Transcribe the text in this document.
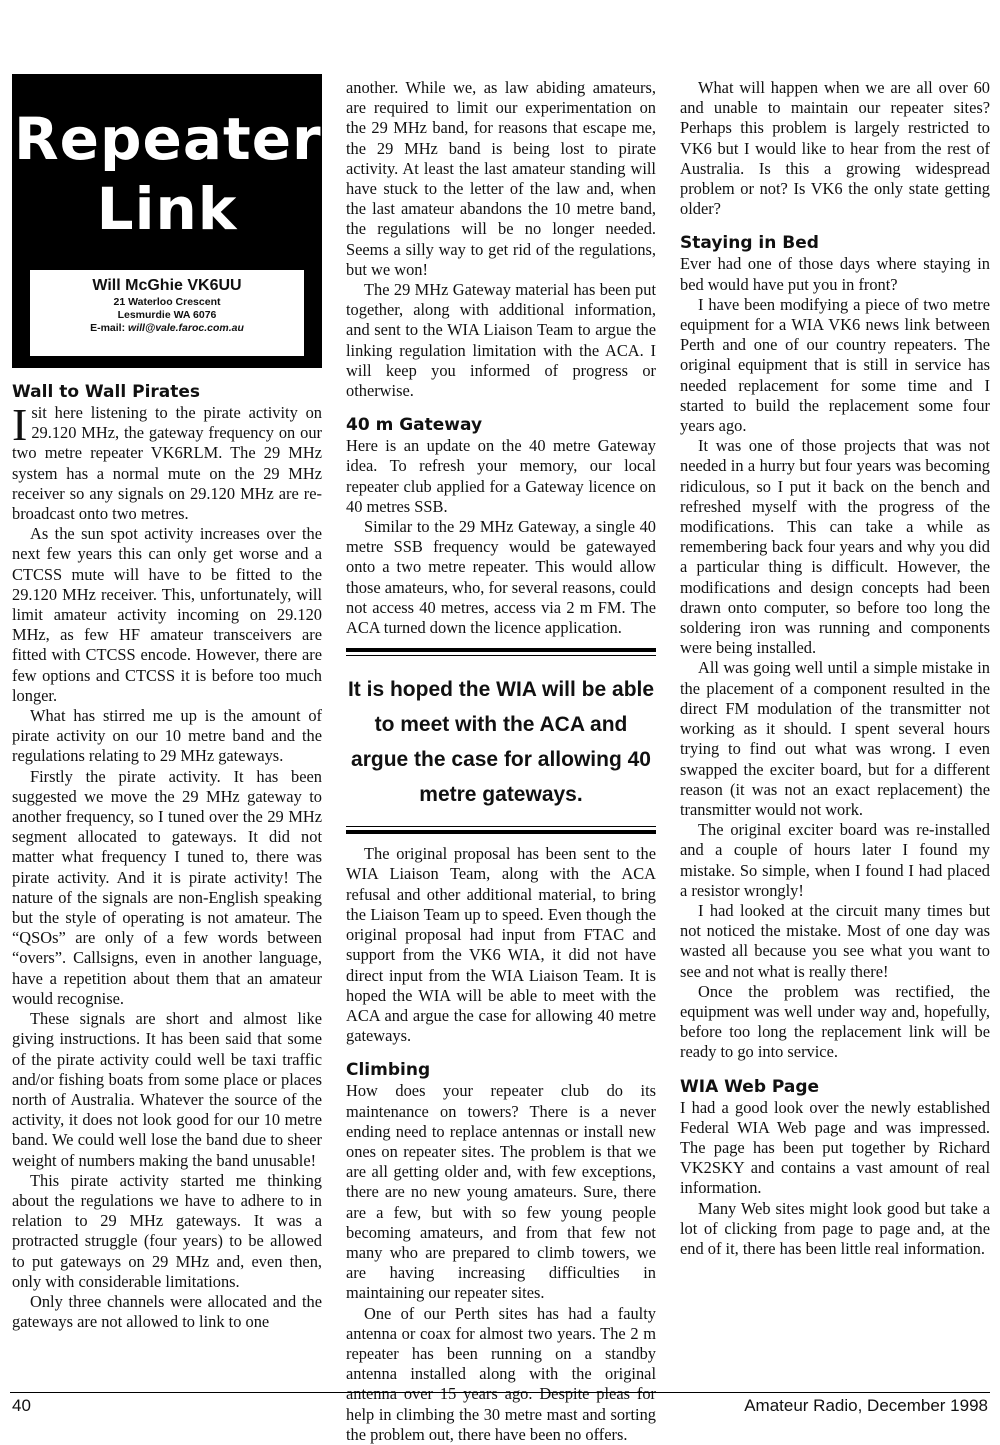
Repeater
Link
Will McGhie VK6UU
21 Waterloo Crescent
Lesmurdie WA 6076
E-mail: will@vale.faroc.com.au
Wall to Wall Pirates

Isit here listening to the pirate activity on 29.120 MHz, the gateway frequency on our two metre repeater VK6RLM. The 29 MHz system has a normal mute on the 29 MHz receiver so any signals on 29.120 MHz are re-broadcast onto two metres.

As the sun spot activity increases over the next few years this can only get worse and a CTCSS mute will have to be fitted to the 29.120 MHz receiver. This, unfortunately, will limit amateur activity incoming on 29.120 MHz, as few HF amateur transceivers are fitted with CTCSS encode. However, there are few options and CTCSS it is before too much longer.

What has stirred me up is the amount of pirate activity on our 10 metre band and the regulations relating to 29 MHz gateways.

Firstly the pirate activity. It has been suggested we move the 29 MHz gateway to another frequency, so I tuned over the 29 MHz segment allocated to gateways. It did not matter what frequency I tuned to, there was pirate activity. And it is pirate activity! The nature of the signals are non-English speaking but the style of operating is not amateur. The “QSOs” are only of a few words between “overs”. Callsigns, even in another language, have a repetition about them that an amateur would recognise.

These signals are short and almost like giving instructions. It has been said that some of the pirate activity could well be taxi traffic and/or fishing boats from some place or places north of Australia. Whatever the source of the activity, it does not look good for our 10 metre band. We could well lose the band due to sheer weight of numbers making the band unusable!

This pirate activity started me thinking about the regulations we have to adhere to in relation to 29 MHz gateways. It was a protracted struggle (four years) to be allowed to put gateways on 29 MHz and, even then, only with considerable limitations.

Only three channels were allocated and the gateways are not allowed to link to one

another. While we, as law abiding amateurs, are required to limit our experimentation on the 29 MHz band, for reasons that escape me, the 29 MHz band is being lost to pirate activity. At least the last amateur standing will have stuck to the letter of the law and, when the last amateur abandons the 10 metre band, the regulations will be no longer needed. Seems a silly way to get rid of the regulations, but we won!

The 29 MHz Gateway material has been put together, along with additional information, and sent to the WIA Liaison Team to argue the linking regulation limitation with the ACA. I will keep you informed of progress or otherwise.

40 m Gateway

Here is an update on the 40 metre Gateway idea. To refresh your memory, our local repeater club applied for a Gateway licence on 40 metres SSB.

Similar to the 29 MHz Gateway, a single 40 metre SSB frequency would be gatewayed onto a two metre repeater. This would allow those amateurs, who, for several reasons, could not access 40 metres, access via 2 m FM. The ACA turned down the licence application.

It is hoped the WIA will be able to meet with the ACA and argue the case for allowing 40 metre gateways.

The original proposal has been sent to the WIA Liaison Team, along with the ACA refusal and other additional material, to bring the Liaison Team up to speed. Even though the original proposal had input from FTAC and support from the VK6 WIA, it did not have direct input from the WIA Liaison Team. It is hoped the WIA will be able to meet with the ACA and argue the case for allowing 40 metre gateways.

Climbing

How does your repeater club do its maintenance on towers? There is a never ending need to replace antennas or install new ones on repeater sites. The problem is that we are all getting older and, with few exceptions, there are no new young amateurs. Sure, there are a few, but with so few young people becoming amateurs, and from that few not many who are prepared to climb towers, we are having increasing difficulties in maintaining our repeater sites.

One of our Perth sites has had a faulty antenna or coax for almost two years. The 2 m repeater has been running on a standby antenna installed along with the original antenna over 15 years ago. Despite pleas for help in climbing the 30 metre mast and sorting the problem out, there have been no offers.

What will happen when we are all over 60 and unable to maintain our repeater sites? Perhaps this problem is largely restricted to VK6 but I would like to hear from the rest of Australia. Is this a growing widespread problem or not? Is VK6 the only state getting older?

Staying in Bed

Ever had one of those days where staying in bed would have put you in front?

I have been modifying a piece of two metre equipment for a WIA VK6 news link between Perth and one of our country repeaters. The original equipment that is still in service has needed replacement for some time and I started to build the replacement some four years ago.

It was one of those projects that was not needed in a hurry but four years was becoming ridiculous, so I put it back on the bench and refreshed myself with the progress of the modifications. This can take a while as remembering back four years and why you did a particular thing is difficult. However, the modifications and design concepts had been drawn onto computer, so before too long the soldering iron was running and components were being installed.

All was going well until a simple mistake in the placement of a component resulted in the direct FM modulation of the transmitter not working as it should. I spent several hours trying to find out what was wrong. I even swapped the exciter board, but for a different reason (it was not an exact replacement) the transmitter would not work.

The original exciter board was re-installed and a couple of hours later I found my mistake. So simple, when I found I had placed a resistor wrongly!

I had looked at the circuit many times but not noticed the mistake. Most of one day was wasted all because you see what you want to see and not what is really there!

Once the problem was rectified, the equipment was well under way and, hopefully, before too long the replacement link will be ready to go into service.

WIA Web Page

I had a good look over the newly established Federal WIA Web page and was impressed. The page has been put together by Richard VK2SKY and contains a vast amount of real information.

Many Web sites might look good but take a lot of clicking from page to page and, at the end of it, there has been little real information.

40	Amateur Radio, December 1998
